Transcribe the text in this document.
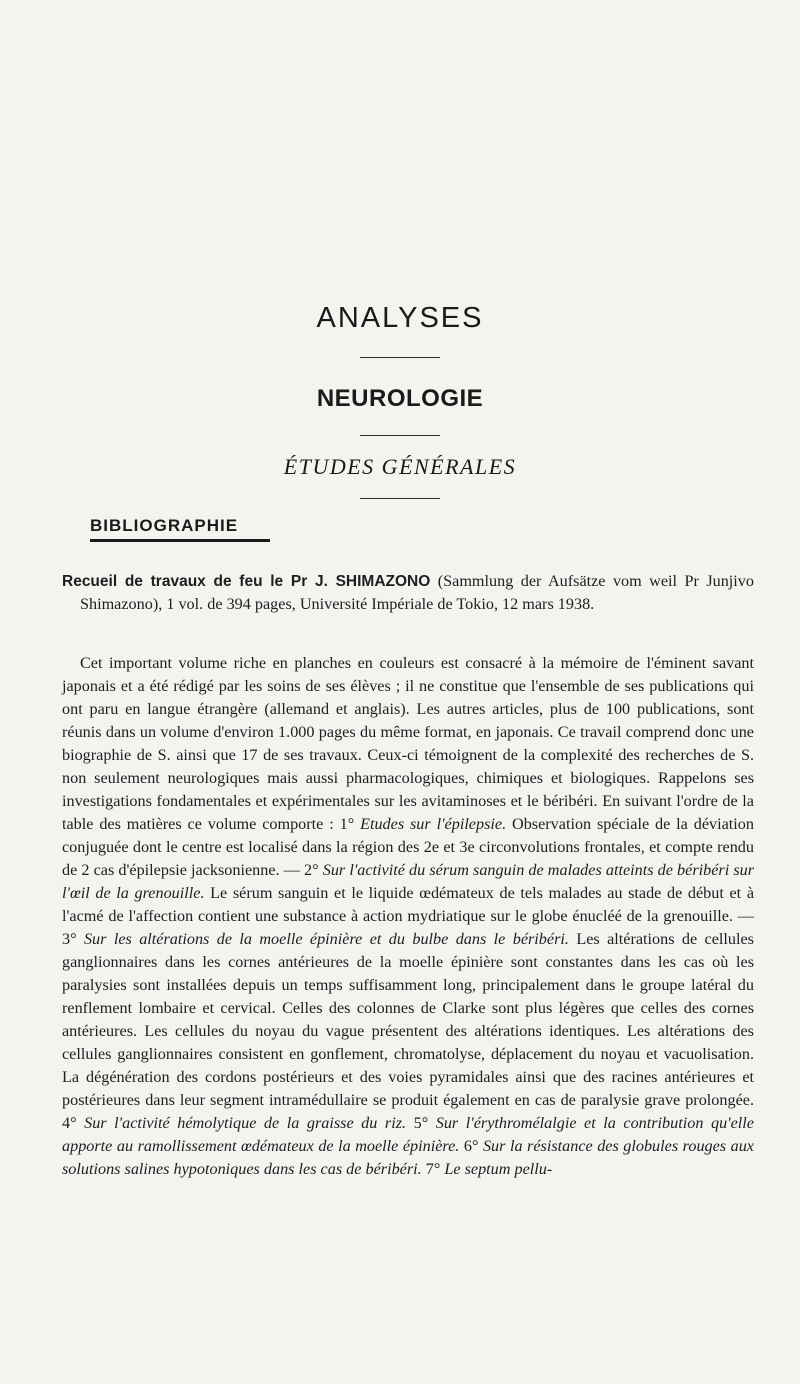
ANALYSES
NEUROLOGIE
ÉTUDES GÉNÉRALES
BIBLIOGRAPHIE
Recueil de travaux de feu le Pr J. SHIMAZONO (Sammlung der Aufsätze vom weil Pr Junjivo Shimazono), 1 vol. de 394 pages, Université Impériale de Tokio, 12 mars 1938.
Cet important volume riche en planches en couleurs est consacré à la mémoire de l'éminent savant japonais et a été rédigé par les soins de ses élèves ; il ne constitue que l'ensemble de ses publications qui ont paru en langue étrangère (allemand et anglais). Les autres articles, plus de 100 publications, sont réunis dans un volume d'environ 1.000 pages du même format, en japonais. Ce travail comprend donc une biographie de S. ainsi que 17 de ses travaux. Ceux-ci témoignent de la complexité des recherches de S. non seulement neurologiques mais aussi pharmacologiques, chimiques et biologiques. Rappelons ses investigations fondamentales et expérimentales sur les avitaminoses et le béribéri. En suivant l'ordre de la table des matières ce volume comporte : 1° Etudes sur l'épilepsie. Observation spéciale de la déviation conjuguée dont le centre est localisé dans la région des 2e et 3e circonvolutions frontales, et compte rendu de 2 cas d'épilepsie jacksonienne. — 2° Sur l'activité du sérum sanguin de malades atteints de béribéri sur l'œil de la grenouille. Le sérum sanguin et le liquide œdémateux de tels malades au stade de début et à l'acmé de l'affection contient une substance à action mydriatique sur le globe énucléé de la grenouille. — 3° Sur les altérations de la moelle épinière et du bulbe dans le béribéri. Les altérations de cellules ganglionnaires dans les cornes antérieures de la moelle épinière sont constantes dans les cas où les paralysies sont installées depuis un temps suffisamment long, principalement dans le groupe latéral du renflement lombaire et cervical. Celles des colonnes de Clarke sont plus légères que celles des cornes antérieures. Les cellules du noyau du vague présentent des altérations identiques. Les altérations des cellules ganglionnaires consistent en gonflement, chromatolyse, déplacement du noyau et vacuolisation. La dégénération des cordons postérieurs et des voies pyramidales ainsi que des racines antérieures et postérieures dans leur segment intramédullaire se produit également en cas de paralysie grave prolongée. 4° Sur l'activité hémolytique de la graisse du riz. 5° Sur l'érythromélalgie et la contribution qu'elle apporte au ramollissement œdémateux de la moelle épinière. 6° Sur la résistance des globules rouges aux solutions salines hypotoniques dans les cas de béribéri. 7° Le septum pellu-
